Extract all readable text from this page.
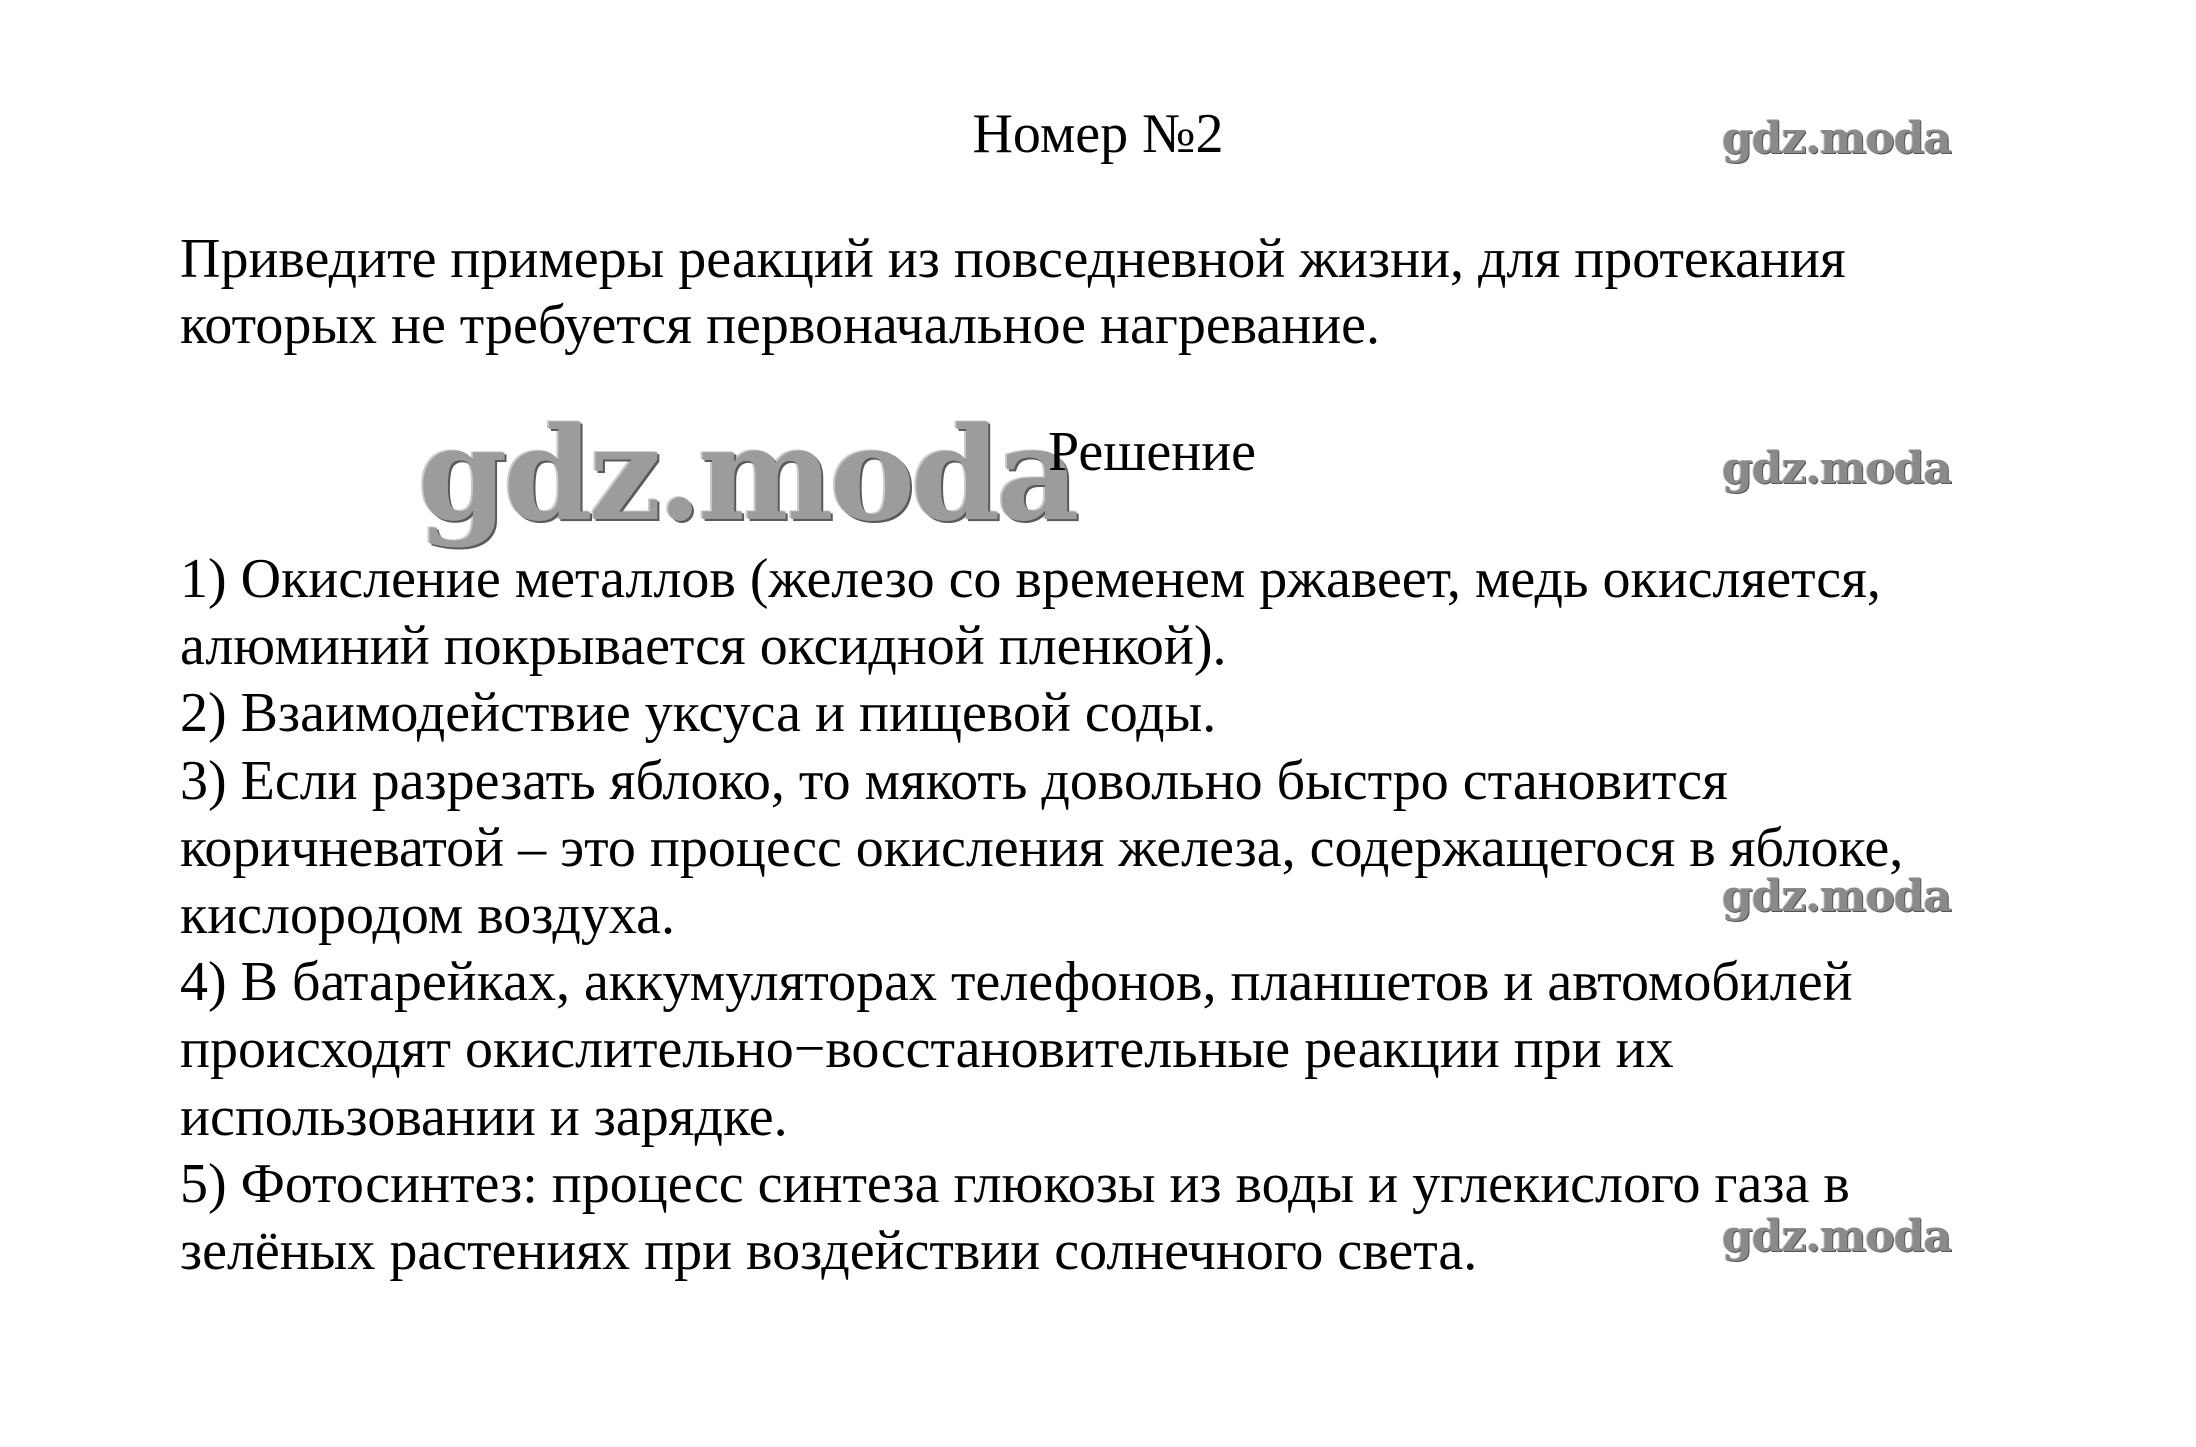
Номер №2
Приведите примеры реакций из повседневной жизни, для протекания
которых не требуется первоначальное нагревание.
gdz.moda
Решение
1) Окисление металлов (железо со временем ржавеет, медь окисляется,
алюминий покрывается оксидной пленкой).
2) Взаимодействие уксуса и пищевой соды.
3) Если разрезать яблоко, то мякоть довольно быстро становится
коричневатой – это процесс окисления железа, содержащегося в яблоке,
кислородом воздуха.
4) В батарейках, аккумуляторах телефонов, планшетов и автомобилей
происходят окислительно−восстановительные реакции при их
использовании и зарядке.
5) Фотосинтез: процесс синтеза глюкозы из воды и углекислого газа в
зелёных растениях при воздействии солнечного света.
gdz.moda
gdz.moda
gdz.moda
gdz.moda
